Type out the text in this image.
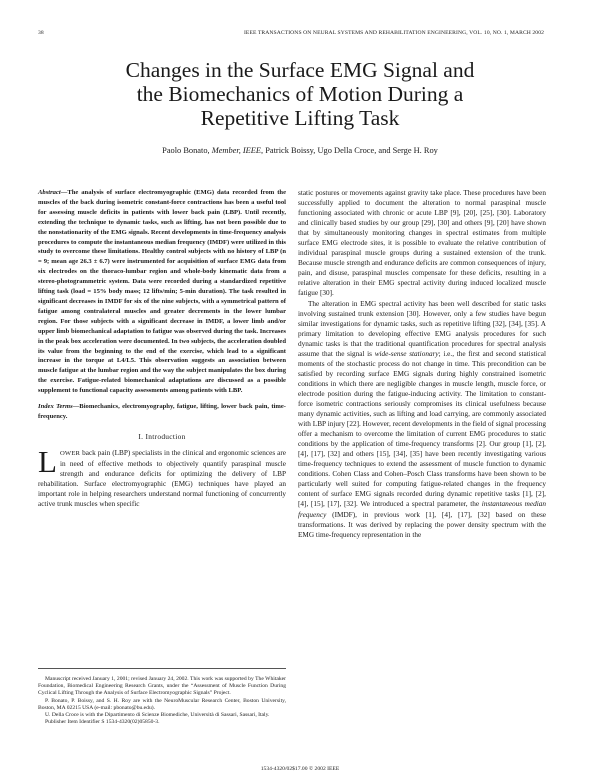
38	IEEE TRANSACTIONS ON NEURAL SYSTEMS AND REHABILITATION ENGINEERING, VOL. 10, NO. 1, MARCH 2002
Changes in the Surface EMG Signal and
the Biomechanics of Motion During a
Repetitive Lifting Task
Paolo Bonato, Member, IEEE, Patrick Boissy, Ugo Della Croce, and Serge H. Roy
Abstract—The analysis of surface electromyographic (EMG) data recorded from the muscles of the back during isometric constant-force contractions has been a useful tool for assessing muscle deficits in patients with lower back pain (LBP). Until recently, extending the technique to dynamic tasks, such as lifting, has not been possible due to the nonstationarity of the EMG signals. Recent developments in time-frequency analysis procedures to compute the instantaneous median frequency (IMDF) were utilized in this study to overcome these limitations. Healthy control subjects with no history of LBP (n = 9; mean age 26.3 ± 6.7) were instrumented for acquisition of surface EMG data from six electrodes on the thoraco-lumbar region and whole-body kinematic data from a stereo-photogrammetric system. Data were recorded during a standardized repetitive lifting task (load = 15% body mass; 12 lifts/min; 5-min duration). The task resulted in significant decreases in IMDF for six of the nine subjects, with a symmetrical pattern of fatigue among contralateral muscles and greater decrements in the lower lumbar region. For those subjects with a significant decrease in IMDF, a lower limb and/or upper limb biomechanical adaptation to fatigue was observed during the task. Increases in the peak box acceleration were documented. In two subjects, the acceleration doubled its value from the beginning to the end of the exercise, which lead to a significant increase in the torque at L4/L5. This observation suggests an association between muscle fatigue at the lumbar region and the way the subject manipulates the box during the exercise. Fatigue-related biomechanical adaptations are discussed as a possible supplement to functional capacity assessments among patients with LBP.
Index Terms—Biomechanics, electromyography, fatigue, lifting, lower back pain, time-frequency.
I. Introduction
LOWER back pain (LBP) specialists in the clinical and ergonomic sciences are in need of effective methods to objectively quantify paraspinal muscle strength and endurance deficits for optimizing the delivery of LBP rehabilitation. Surface electromyographic (EMG) techniques have played an important role in helping researchers understand normal functioning of concurrently active trunk muscles when specific

Manuscript received January 1, 2001; revised January 24, 2002. This work was supported by The Whitaker Foundation, Biomedical Engineering Research Grants, under the “Assessment of Muscle Function During Cyclical Lifting Through the Analysis of Surface Electromyographic Signals” Project.

P. Bonato, P. Boissy, and S. H. Roy are with the NeuroMuscular Research Center, Boston University, Boston, MA 02215 USA (e-mail: pbonato@bu.edu).

U. Della Croce is with the Dipartimento di Scienze Biomediche, Università di Sassari, Sassari, Italy.

Publisher Item Identifier S 1534-4320(02)05850-3.

static postures or movements against gravity take place. These procedures have been successfully applied to document the alteration to normal paraspinal muscle functioning associated with chronic or acute LBP [9], [20], [25], [30]. Laboratory and clinically based studies by our group [29], [30] and others [9], [20] have shown that by simultaneously monitoring changes in spectral estimates from multiple surface EMG electrode sites, it is possible to evaluate the relative contribution of individual paraspinal muscle groups during a sustained extension of the trunk. Because muscle strength and endurance deficits are common consequences of injury, pain, and disuse, paraspinal muscles compensate for these deficits, resulting in a relative alteration in their EMG spectral activity during induced localized muscle fatigue [30].

The alteration in EMG spectral activity has been well described for static tasks involving sustained trunk extension [30]. However, only a few studies have begun similar investigations for dynamic tasks, such as repetitive lifting [32], [34], [35]. A primary limitation to developing effective EMG analysis procedures for such dynamic tasks is that the traditional quantification procedures for spectral analysis assume that the signal is wide-sense stationary; i.e., the first and second statistical moments of the stochastic process do not change in time. This precondition can be satisfied by recording surface EMG signals during highly constrained isometric conditions in which there are negligible changes in muscle length, muscle force, or electrode position during the fatigue-inducing activity. The limitation to constant-force isometric contractions seriously compromises its clinical usefulness because many dynamic activities, such as lifting and load carrying, are commonly associated with LBP injury [22]. However, recent developments in the field of signal processing offer a mechanism to overcome the limitation of current EMG procedures to static conditions by the application of time-frequency transforms [2]. Our group [1], [2], [4], [17], [32] and others [15], [34], [35] have been recently investigating various time-frequency techniques to extend the assessment of muscle function to dynamic conditions. Cohen Class and Cohen–Posch Class transforms have been shown to be particularly well suited for computing fatigue-related changes in the frequency content of surface EMG signals recorded during dynamic repetitive tasks [1], [2], [4], [15], [17], [32]. We introduced a spectral parameter, the instantaneous median frequency (IMDF), in previous work [1], [4], [17], [32] based on these transformations. It was derived by replacing the power density spectrum with the EMG time-frequency representation in the

1534-4320/02$17.00 © 2002 IEEE
